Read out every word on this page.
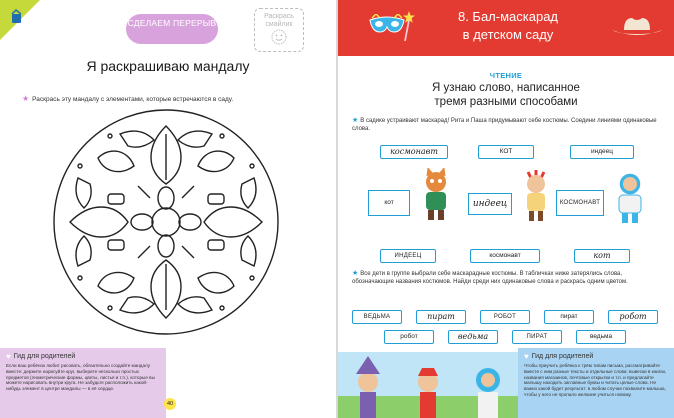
СДЕЛАЕМ ПЕРЕРЫВ
Раскрась смайлик
Я раскрашиваю мандалу
★ Раскрась эту мандалу с элементами, которые встречаются в саду.
♥ Гид для родителей
Если ваш ребёнок любит рисовать, обязательно создайте мандалу вместе: держите нарисуйте круг, выберите несколько простых предметов (геометрические формы, цветы, листья и т.п.), которые вы можете нарисовать внутри круга. Не забудьте расположить какой-нибудь элемент в центре мандалы — в её сердце.
40
8. Бал-маскарад
в детском саду
ЧТЕНИЕ
Я узнаю слово, написанное
тремя разными способами
★ В садике устраивают маскарад! Рита и Паша придумывают себе костюмы. Соедини линиями одинаковые слова.
космонавт	КОТ	индеец
кот	индеец	КОСМОНАВТ
ИНДЕЕЦ	космонавт	кот
★ Все дети в группе выбрали себе маскарадные костюмы. В табличках ниже затерялись слова, обозначающие названия костюмов. Найди среди них одинаковые слова и раскрась одним цветом.
ВЕДЬМА	пират	РОБОТ	пират	робот
робот	ведьма	ПИРАТ	ведьма
♥ Гид для родителей
Чтобы приучить ребёнка к трём типам письма, рассматривайте вместе с ним разные тексты и отдельные слова: вывески в книгах, названия магазинов, почтовые открытки и т.п. и предлагайте малышу находить заглавные буквы и читать целые слова. Не важно какой будет результат: в любом случае похвалите малыша, чтобы у него не пропало желание учиться новому.
